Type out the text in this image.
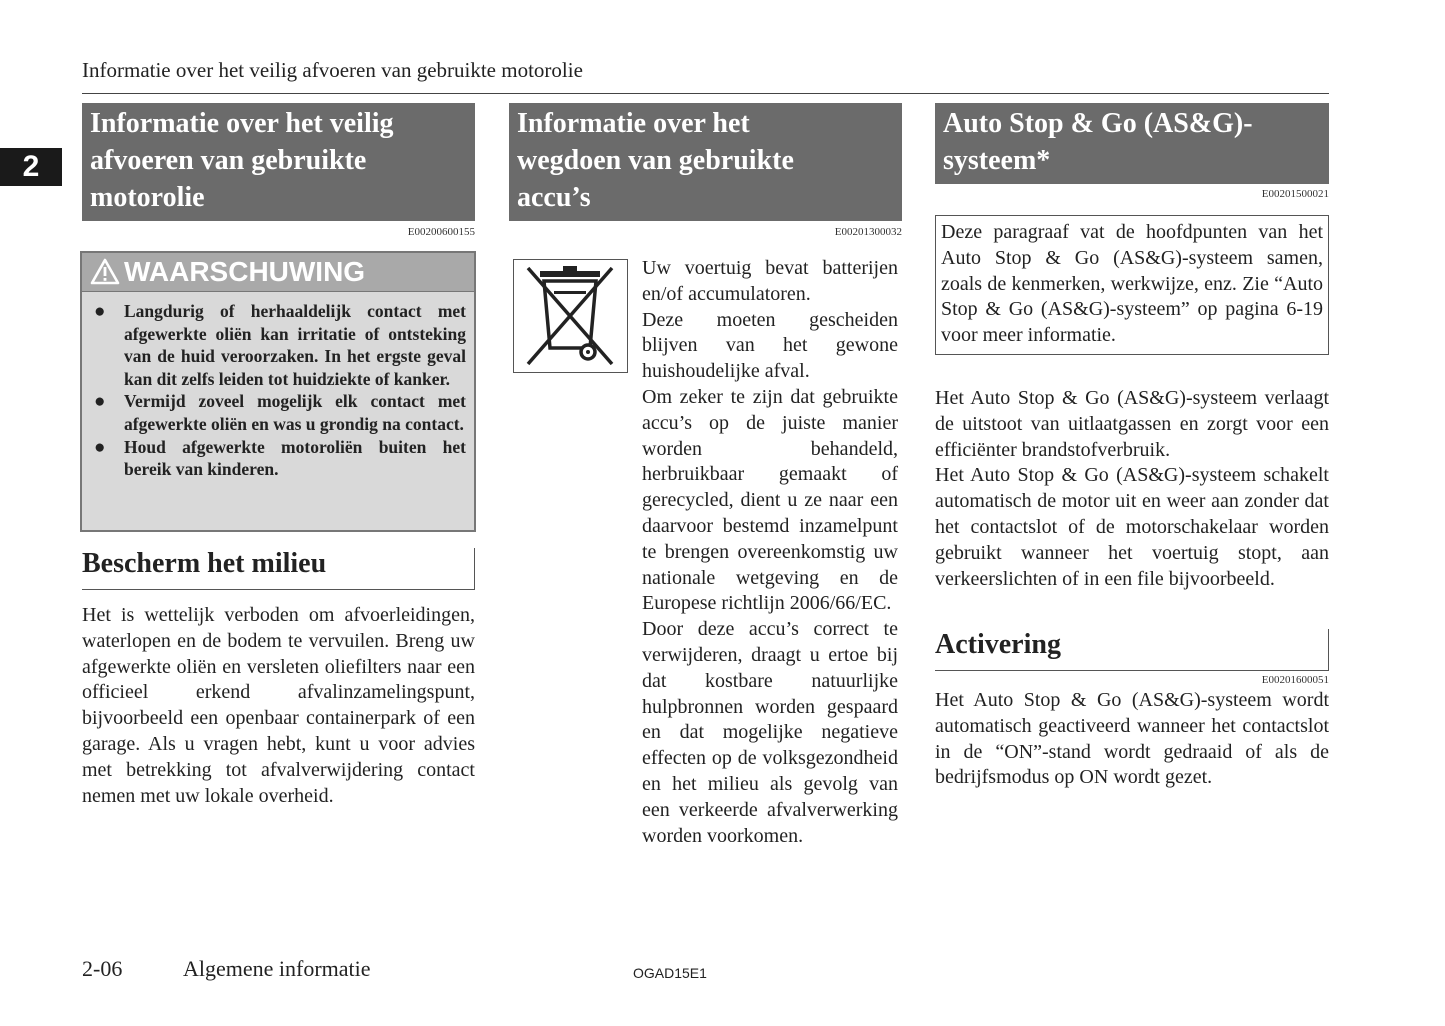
Informatie over het veilig afvoeren van gebruikte motorolie
2
Informatie over het veilig
afvoeren van gebruikte
motorolie
E00200600155
WAARSCHUWING
● Langdurig of herhaaldelijk contact met afgewerkte oliën kan irritatie of ontsteking van de huid veroorzaken. In het ergste geval kan dit zelfs leiden tot huidziekte of kanker.
● Vermijd zoveel mogelijk elk contact met afgewerkte oliën en was u grondig na contact.
● Houd afgewerkte motoroliën buiten het bereik van kinderen.
Bescherm het milieu

Het is wettelijk verboden om afvoerleidingen, waterlopen en de bodem te vervuilen. Breng uw afgewerkte oliën en versleten oliefilters naar een officieel erkend afvalinzamelingspunt, bijvoorbeeld een openbaar containerpark of een garage. Als u vragen hebt, kunt u voor advies met betrekking tot afvalverwijdering contact nemen met uw lokale overheid.

Informatie over het
wegdoen van gebruikte
accu’s
E00201300032

Uw voertuig bevat batterijen en/of accumulatoren.

Deze moeten gescheiden blijven van het gewone huishoudelijke afval.

Om zeker te zijn dat gebruikte accu’s op de juiste manier worden behandeld, herbruikbaar gemaakt of gerecycled, dient u ze naar een daarvoor bestemd inzamelpunt te brengen overeenkomstig uw nationale wetgeving en de Europese richtlijn 2006/66/EC.

Door deze accu’s correct te verwijderen, draagt u ertoe bij dat kostbare natuurlijke hulpbronnen worden gespaard en dat mogelijke negatieve effecten op de volksgezondheid en het milieu als gevolg van een verkeerde afvalverwerking worden voorkomen.

Auto Stop & Go (AS&G)-
systeem*
E00201500021
Deze paragraaf vat de hoofdpunten van het Auto Stop & Go (AS&G)-systeem samen, zoals de kenmerken, werkwijze, enz. Zie “Auto Stop & Go (AS&G)-systeem” op pagina 6-19 voor meer informatie.

Het Auto Stop & Go (AS&G)-systeem verlaagt de uitstoot van uitlaatgassen en zorgt voor een efficiënter brandstofverbruik.

Het Auto Stop & Go (AS&G)-systeem schakelt automatisch de motor uit en weer aan zonder dat het contactslot of de motorschakelaar worden gebruikt wanneer het voertuig stopt, aan verkeerslichten of in een file bijvoorbeeld.

Activering
E00201600051

Het Auto Stop & Go (AS&G)-systeem wordt automatisch geactiveerd wanneer het contactslot in de “ON”-stand wordt gedraaid of als de bedrijfsmodus op ON wordt gezet.

2-06	Algemene informatie	OGAD15E1
